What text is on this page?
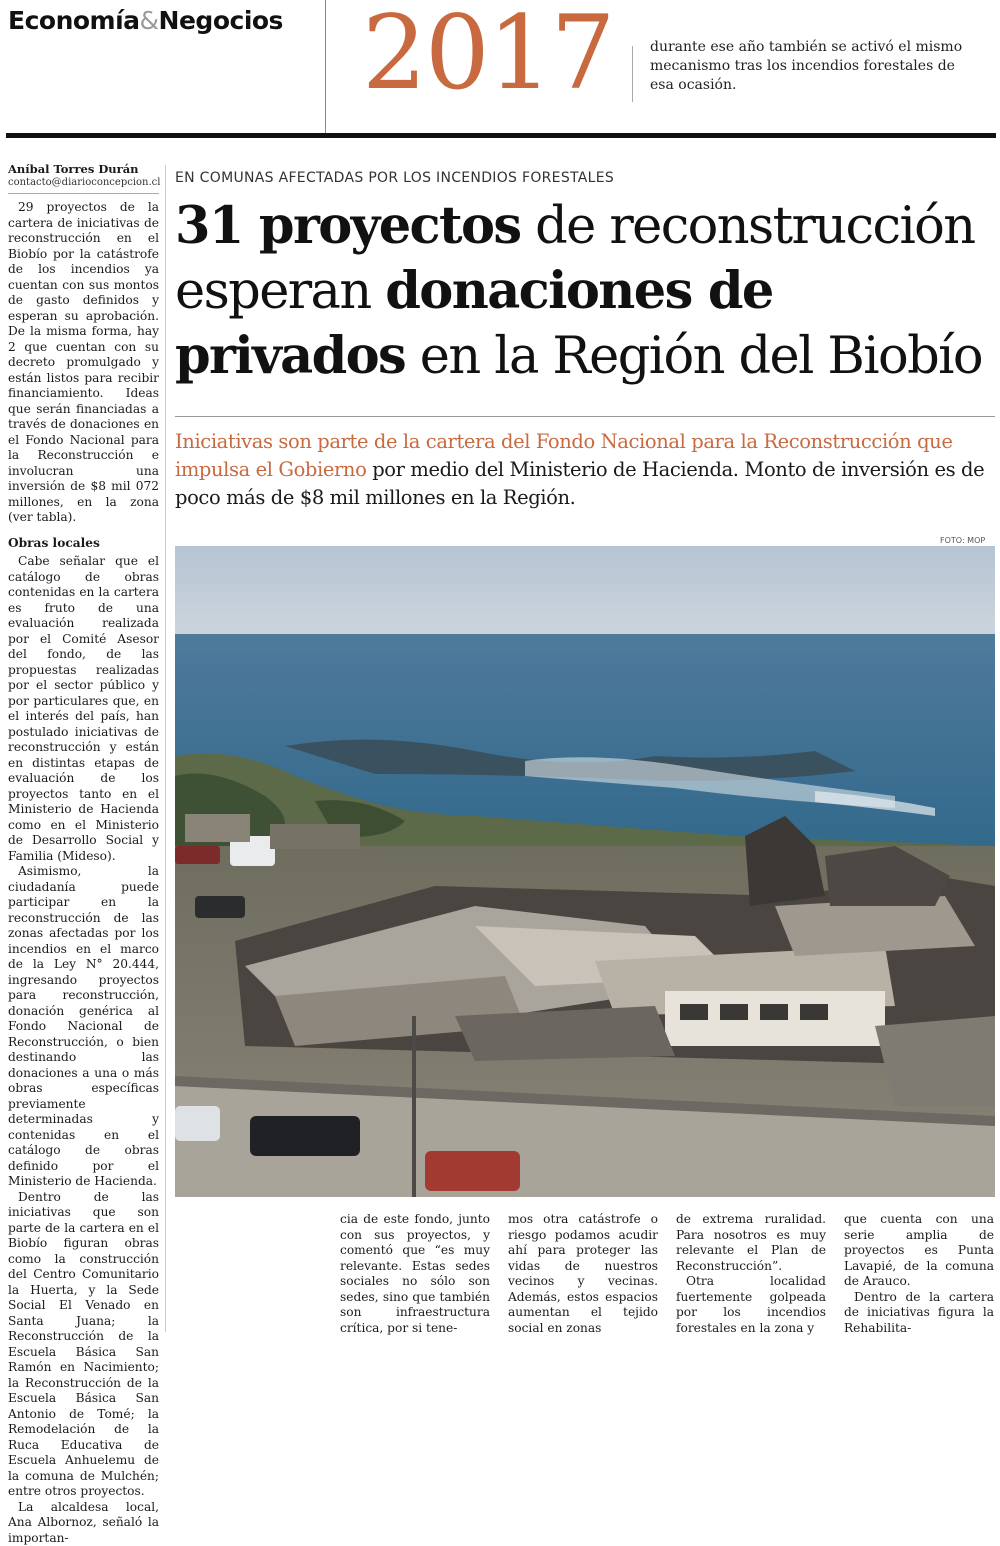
Economía&Negocios 2017	durante ese año también se activó el mismo mecanismo tras los incendios forestales de esa ocasión.
Aníbal Torres Durán
contacto@diarioconcepcion.cl

29 proyectos de la cartera de iniciativas de reconstrucción en el Biobío por la catástrofe de los incendios ya cuentan con sus montos de gasto definidos y esperan su aprobación. De la misma forma, hay 2 que cuentan con su decreto promulgado y están listos para recibir financiamiento. Ideas que serán financiadas a través de donaciones en el Fondo Nacional para la Reconstrucción e involucran una inversión de $8 mil 072 millones, en la zona (ver tabla).

Obras locales

Cabe señalar que el catálogo de obras contenidas en la cartera es fruto de una evaluación realizada por el Comité Asesor del fondo, de las propuestas realizadas por el sector público y por particulares que, en el interés del país, han postulado iniciativas de reconstrucción y están en distintas etapas de evaluación de los proyectos tanto en el Ministerio de Hacienda como en el Ministerio de Desarrollo Social y Familia (Mideso).

Asimismo, la ciudadanía puede participar en la reconstrucción de las zonas afectadas por los incendios en el marco de la Ley N° 20.444, ingresando proyectos para reconstrucción, donación genérica al Fondo Nacional de Reconstrucción, o bien destinando las donaciones a una o más obras específicas previamente determinadas y contenidas en el catálogo de obras definido por el Ministerio de Hacienda.

Dentro de las iniciativas que son parte de la cartera en el Biobío figuran obras como la construcción del Centro Comunitario la Huerta, y la Sede Social El Venado en Santa Juana; la Reconstrucción de la Escuela Básica San Ramón en Nacimiento; la Reconstrucción de la Escuela Básica San Antonio de Tomé; la Remodelación de la Ruca Educativa de Escuela Anhuelemu de la comuna de Mulchén; entre otros proyectos.

La alcaldesa local, Ana Albornoz, señaló la importan-

EN COMUNAS AFECTADAS POR LOS INCENDIOS FORESTALES
31 proyectos de reconstrucción
esperan donaciones de
privados en la Región del Biobío
Iniciativas son parte de la cartera del Fondo Nacional para la Reconstrucción que impulsa el Gobierno por medio del Ministerio de Hacienda. Monto de inversión es de poco más de $8 mil millones en la Región.
FOTO: MOP

cia de este fondo, junto con sus proyectos, y comentó que “es muy relevante. Estas sedes sociales no sólo son sedes, sino que también son infraestructura crítica, por si tene-

mos otra catástrofe o riesgo podamos acudir ahí para proteger las vidas de nuestros vecinos y vecinas. Además, estos espacios aumentan el tejido social en zonas

de extrema ruralidad. Para nosotros es muy relevante el Plan de Reconstrucción”.

Otra localidad fuertemente golpeada por los incendios forestales en la zona y

que cuenta con una serie amplia de proyectos es Punta Lavapié, de la comuna de Arauco.

Dentro de la cartera de iniciativas figura la Rehabilita-
